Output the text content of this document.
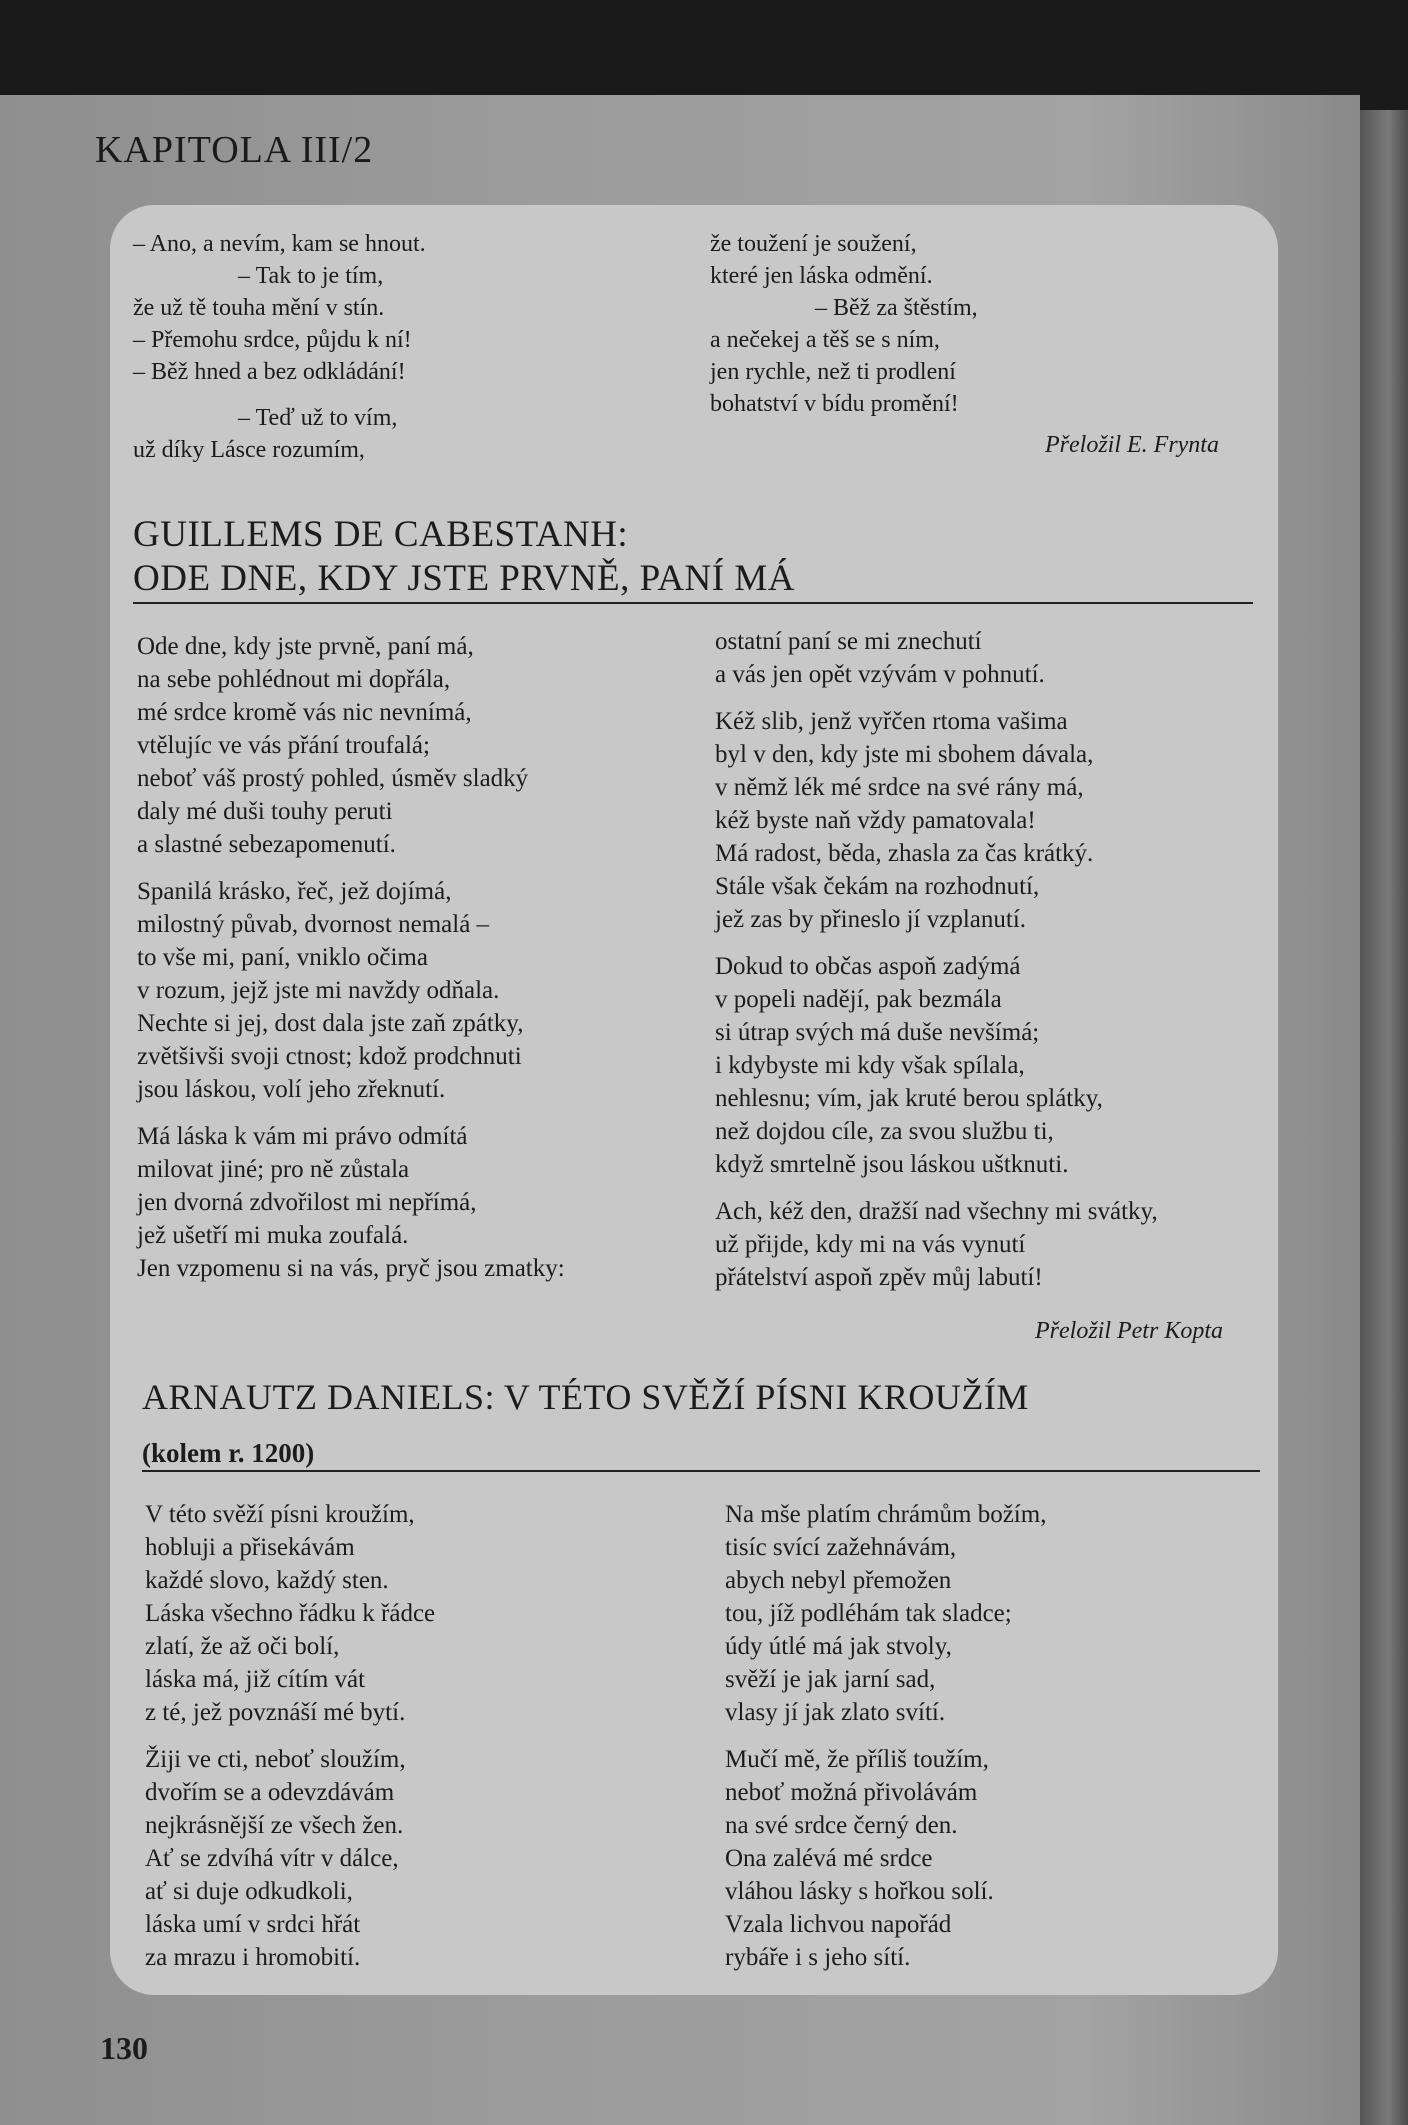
KAPITOLA III/2
– Ano, a nevím, kam se hnout.
– Tak to je tím,
že už tě touha mění v stín.
– Přemohu srdce, půjdu k ní!
– Běž hned a bez odkládání!
– Teď už to vím,
už díky Lásce rozumím,
že toužení je soužení,
které jen láska odmění.
– Běž za štěstím,
a nečekej a těš se s ním,
jen rychle, než ti prodlení
bohatství v bídu promění!
Přeložil E. Frynta
GUILLEMS DE CABESTANH:
ODE DNE, KDY JSTE PRVNĚ, PANÍ MÁ
Ode dne, kdy jste prvně, paní má,
na sebe pohlédnout mi dopřála,
mé srdce kromě vás nic nevnímá,
vtělujíc ve vás přání troufalá;
neboť váš prostý pohled, úsměv sladký
daly mé duši touhy peruti
a slastné sebezapomenutí.
Spanilá krásko, řeč, jež dojímá,
milostný půvab, dvornost nemalá –
to vše mi, paní, vniklo očima
v rozum, jejž jste mi navždy odňala.
Nechte si jej, dost dala jste zaň zpátky,
zvětšivši svoji ctnost; kdož prodchnuti
jsou láskou, volí jeho zřeknutí.
Má láska k vám mi právo odmítá
milovat jiné; pro ně zůstala
jen dvorná zdvořilost mi nepřímá,
jež ušetří mi muka zoufalá.
Jen vzpomenu si na vás, pryč jsou zmatky:
ostatní paní se mi znechutí
a vás jen opět vzývám v pohnutí.
Kéž slib, jenž vyřčen rtoma vašima
byl v den, kdy jste mi sbohem dávala,
v němž lék mé srdce na své rány má,
kéž byste naň vždy pamatovala!
Má radost, běda, zhasla za čas krátký.
Stále však čekám na rozhodnutí,
jež zas by přineslo jí vzplanutí.
Dokud to občas aspoň zadýmá
v popeli nadějí, pak bezmála
si útrap svých má duše nevšímá;
i kdybyste mi kdy však spílala,
nehlesnu; vím, jak kruté berou splátky,
než dojdou cíle, za svou službu ti,
když smrtelně jsou láskou uštknuti.
Ach, kéž den, dražší nad všechny mi svátky,
už přijde, kdy mi na vás vynutí
přátelství aspoň zpěv můj labutí!
Přeložil Petr Kopta
ARNAUTZ DANIELS: V TÉTO SVĚŽÍ PÍSNI KROUŽÍM
(kolem r. 1200)
V této svěží písni kroužím,
hobluji a přisekávám
každé slovo, každý sten.
Láska všechno řádku k řádce
zlatí, že až oči bolí,
láska má, již cítím vát
z té, jež povznáší mé bytí.
Žiji ve cti, neboť sloužím,
dvořím se a odevzdávám
nejkrásnější ze všech žen.
Ať se zdvíhá vítr v dálce,
ať si duje odkudkoli,
láska umí v srdci hřát
za mrazu i hromobití.
Na mše platím chrámům božím,
tisíc svící zažehnávám,
abych nebyl přemožen
tou, jíž podléhám tak sladce;
údy útlé má jak stvoly,
svěží je jak jarní sad,
vlasy jí jak zlato svítí.
Mučí mě, že příliš toužím,
neboť možná přivolávám
na své srdce černý den.
Ona zalévá mé srdce
vláhou lásky s hořkou solí.
Vzala lichvou napořád
rybáře i s jeho sítí.
130
